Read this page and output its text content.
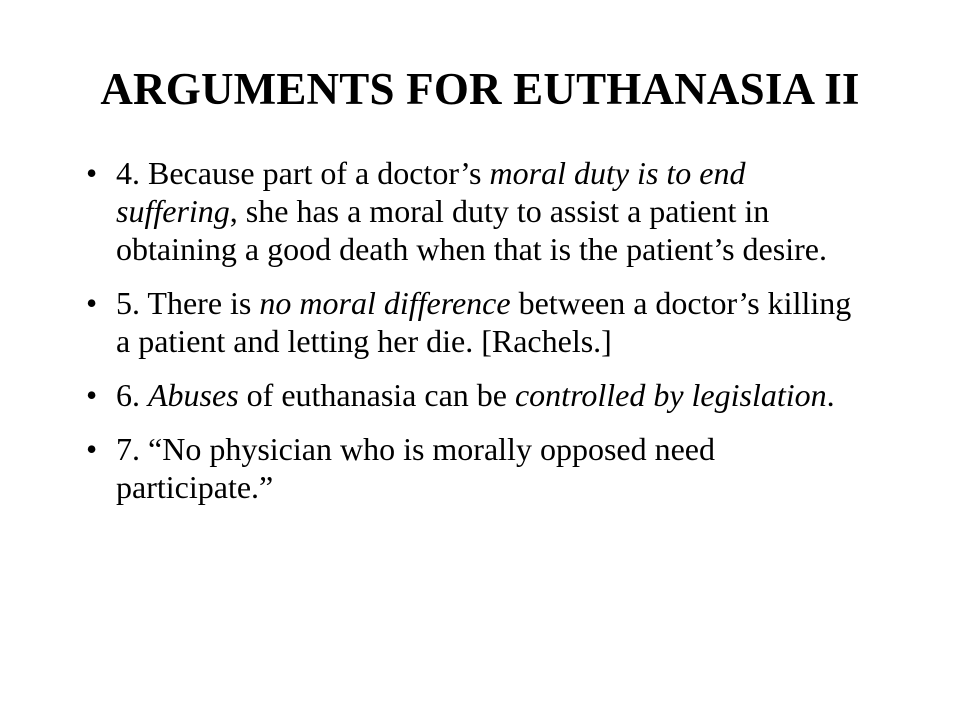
ARGUMENTS FOR EUTHANASIA II
• 4. Because part of a doctor’s moral duty is to end suffering, she has a moral duty to assist a patient in obtaining a good death when that is the patient’s desire.
• 5. There is no moral difference between a doctor’s killing a patient and letting her die. [Rachels.]
• 6. Abuses of euthanasia can be controlled by legislation.
• 7. “No physician who is morally opposed need participate.”
